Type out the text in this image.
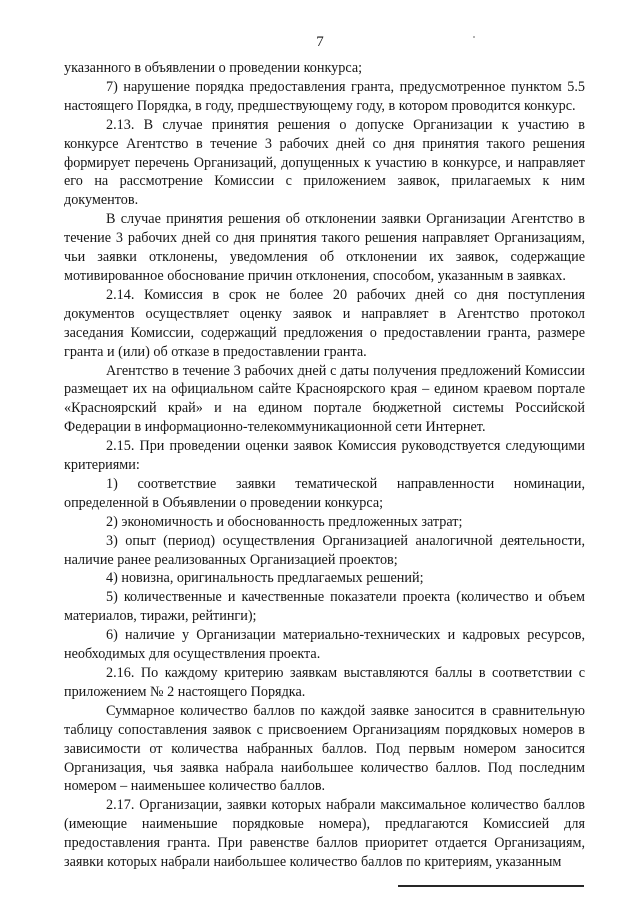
7

указанного в объявлении о проведении конкурса;

7) нарушение порядка предоставления гранта, предусмотренное пунктом 5.5 настоящего Порядка, в году, предшествующему году, в котором проводится конкурс.

2.13. В случае принятия решения о допуске Организации к участию в конкурсе Агентство в течение 3 рабочих дней со дня принятия такого решения формирует перечень Организаций, допущенных к участию в конкурсе, и направляет его на рассмотрение Комиссии с приложением заявок, прилагаемых к ним документов.

В случае принятия решения об отклонении заявки Организации Агентство в течение 3 рабочих дней со дня принятия такого решения направляет Организациям, чьи заявки отклонены, уведомления об отклонении их заявок, содержащие мотивированное обоснование причин отклонения, способом, указанным в заявках.

2.14. Комиссия в срок не более 20 рабочих дней со дня поступления документов осуществляет оценку заявок и направляет в Агентство протокол заседания Комиссии, содержащий предложения о предоставлении гранта, размере гранта и (или) об отказе в предоставлении гранта.

Агентство в течение 3 рабочих дней с даты получения предложений Комиссии размещает их на официальном сайте Красноярского края – едином краевом портале «Красноярский край» и на едином портале бюджетной системы Российской Федерации в информационно-телекоммуникационной сети Интернет.

2.15. При проведении оценки заявок Комиссия руководствуется следующими критериями:

1) соответствие заявки тематической направленности номинации, определенной в Объявлении о проведении конкурса;

2) экономичность и обоснованность предложенных затрат;

3) опыт (период) осуществления Организацией аналогичной деятельности, наличие ранее реализованных Организацией проектов;

4) новизна, оригинальность предлагаемых решений;

5) количественные и качественные показатели проекта (количество и объем материалов, тиражи, рейтинги);

6) наличие у Организации материально-технических и кадровых ресурсов, необходимых для осуществления проекта.

2.16. По каждому критерию заявкам выставляются баллы в соответствии с приложением № 2 настоящего Порядка.

Суммарное количество баллов по каждой заявке заносится в сравнительную таблицу сопоставления заявок с присвоением Организациям порядковых номеров в зависимости от количества набранных баллов. Под первым номером заносится Организация, чья заявка набрала наибольшее количество баллов. Под последним номером – наименьшее количество баллов.

2.17. Организации, заявки которых набрали максимальное количество баллов (имеющие наименьшие порядковые номера), предлагаются Комиссией для предоставления гранта. При равенстве баллов приоритет отдается Организациям, заявки которых набрали наибольшее количество баллов по критериям, указанным
